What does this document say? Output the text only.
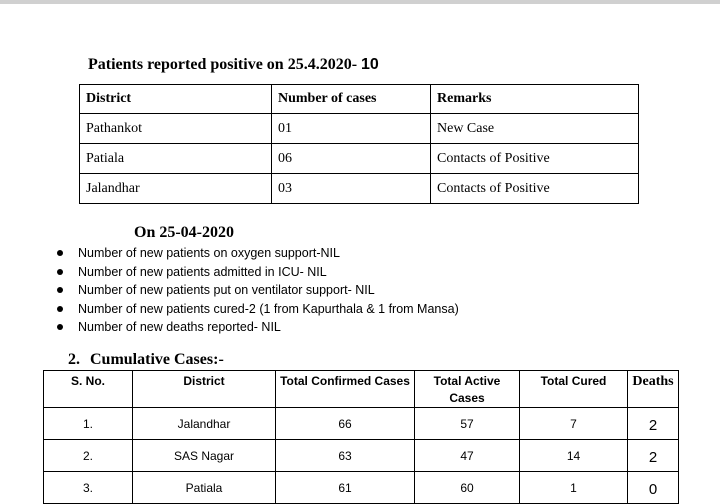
Patients reported positive on 25.4.2020- 10
District	Number of cases	Remarks
Pathankot	01	New Case
Patiala	06	Contacts of Positive
Jalandhar	03	Contacts of Positive
On 25-04-2020
Number of new patients on oxygen support-NIL
Number of new patients admitted in ICU- NIL
Number of new patients put on ventilator support- NIL
Number of new patients cured-2 (1 from Kapurthala & 1 from Mansa)
Number of new deaths reported- NIL
2. Cumulative Cases:-
S. No.	District	Total Confirmed Cases	Total Active Cases	Total Cured	Deaths
1.	Jalandhar	66	57	7	2
2.	SAS Nagar	63	47	14	2
3.	Patiala	61	60	1	0
